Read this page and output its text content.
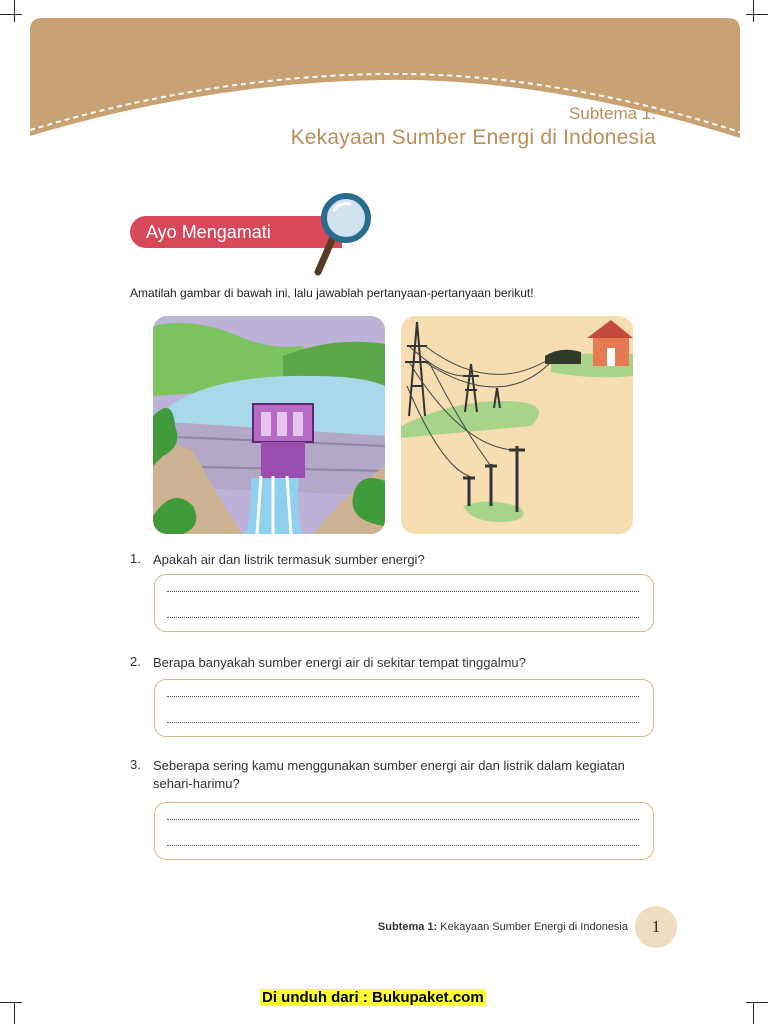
Subtema 1:
Kekayaan Sumber Energi di Indonesia
Ayo Mengamati
Amatilah gambar di bawah ini, lalu jawablah pertanyaan-pertanyaan berikut!
1. Apakah air dan listrik termasuk sumber energi?
2. Berapa banyakah sumber energi air di sekitar tempat tinggalmu?
3. Seberapa sering kamu menggunakan sumber energi air dan listrik dalam kegiatan sehari-harimu?
Subtema 1: Kekayaan Sumber Energi di Indonesia	1
Di unduh dari : Bukupaket.com
